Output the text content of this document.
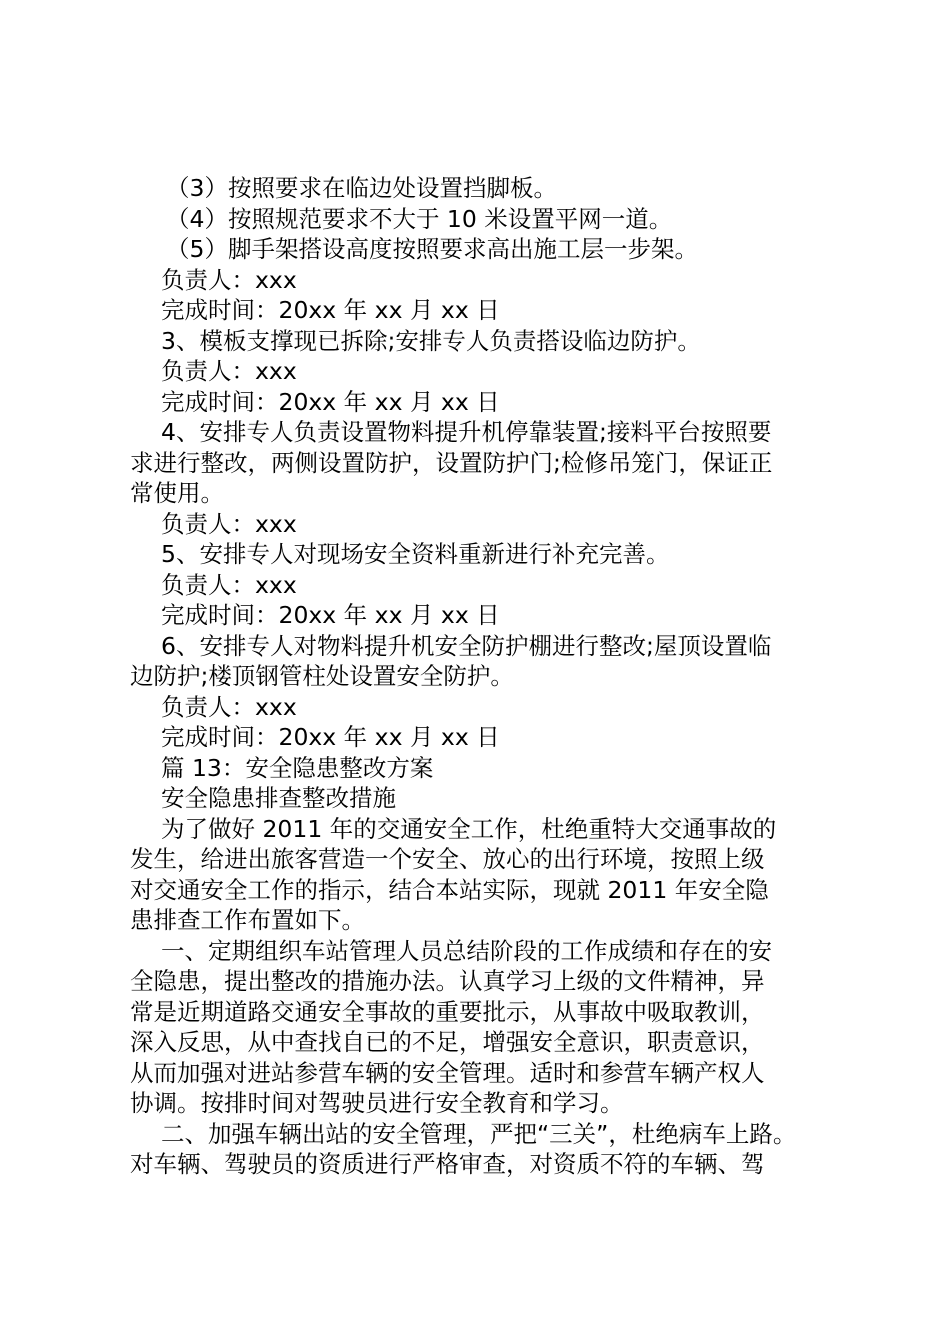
（3）按照要求在临边处设置挡脚板。
（4）按照规范要求不大于 10 米设置平网一道。
（5）脚手架搭设高度按照要求高出施工层一步架。
负责人：xxx
完成时间：20xx 年 xx 月 xx 日
3、模板支撑现已拆除;安排专人负责搭设临边防护。
负责人：xxx
完成时间：20xx 年 xx 月 xx 日
4、安排专人负责设置物料提升机停靠装置;接料平台按照要
求进行整改，两侧设置防护，设置防护门;检修吊笼门，保证正
常使用。
负责人：xxx
5、安排专人对现场安全资料重新进行补充完善。
负责人：xxx
完成时间：20xx 年 xx 月 xx 日
6、安排专人对物料提升机安全防护棚进行整改;屋顶设置临
边防护;楼顶钢管柱处设置安全防护。
负责人：xxx
完成时间：20xx 年 xx 月 xx 日
篇 13：安全隐患整改方案
安全隐患排查整改措施
为了做好 2011 年的交通安全工作，杜绝重特大交通事故的
发生，给进出旅客营造一个安全、放心的出行环境，按照上级
对交通安全工作的指示，结合本站实际，现就 2011 年安全隐
患排查工作布置如下。
一、定期组织车站管理人员总结阶段的工作成绩和存在的安
全隐患，提出整改的措施办法。认真学习上级的文件精神，异
常是近期道路交通安全事故的重要批示，从事故中吸取教训，
深入反思，从中查找自已的不足，增强安全意识，职责意识，
从而加强对进站参营车辆的安全管理。适时和参营车辆产权人
协调。按排时间对驾驶员进行安全教育和学习。
二、加强车辆出站的安全管理，严把“三关”，杜绝病车上路。
对车辆、驾驶员的资质进行严格审查，对资质不符的车辆、驾
